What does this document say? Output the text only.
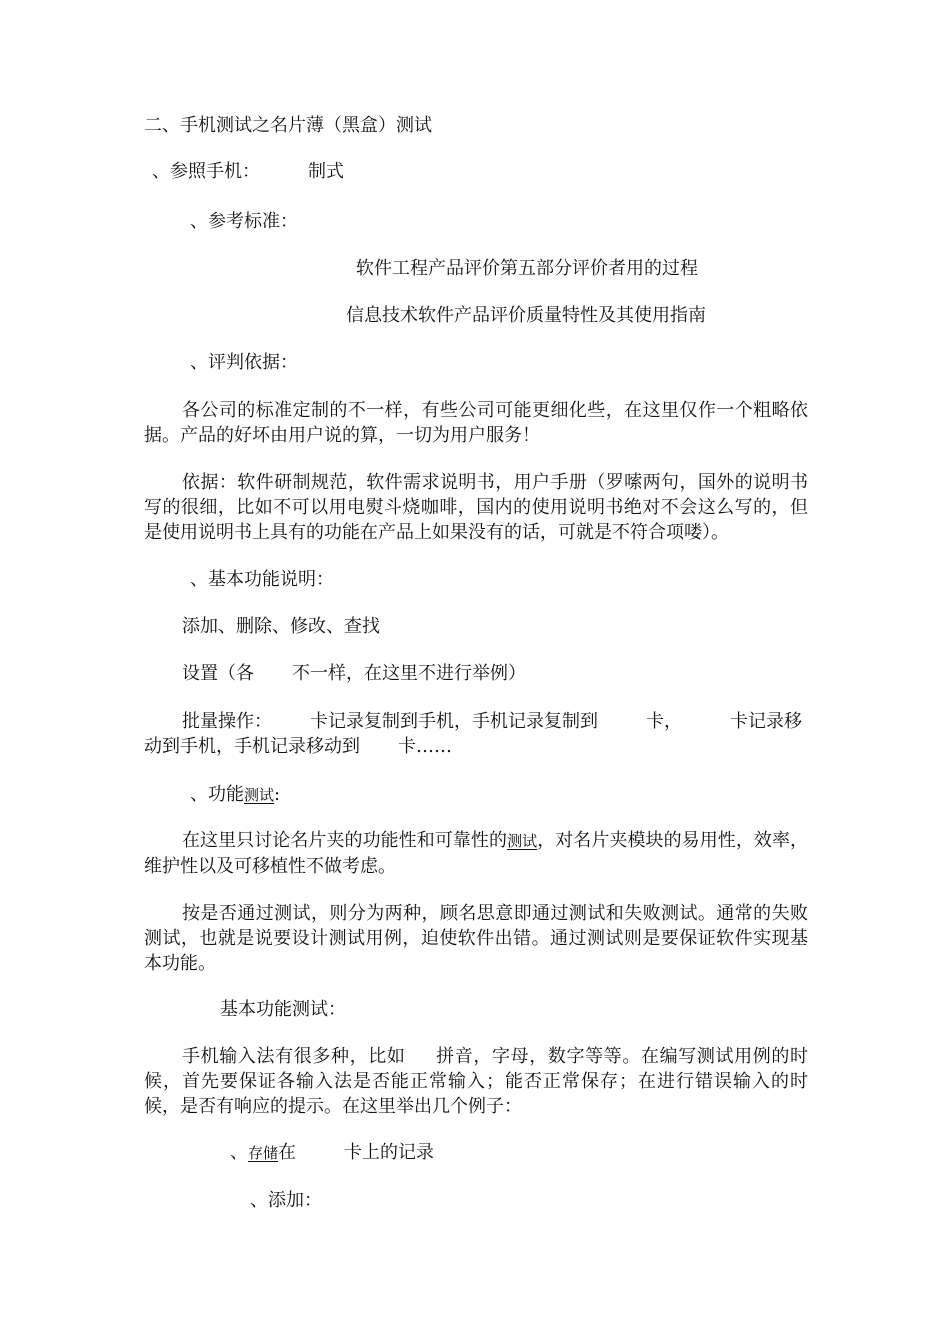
二、手机测试之名片薄（黑盒）测试
、参照手机：	制式
、参考标准：
软件工程产品评价第五部分评价者用的过程
信息技术软件产品评价质量特性及其使用指南
、评判依据：
各公司的标准定制的不一样，有些公司可能更细化些，在这里仅作一个粗略依据。产品的好坏由用户说的算，一切为用户服务！
依据：软件研制规范，软件需求说明书，用户手册（罗嗦两句，国外的说明书写的很细，比如不可以用电熨斗烧咖啡，国内的使用说明书绝对不会这么写的，但是使用说明书上具有的功能在产品上如果没有的话，可就是不符合项喽）。
、基本功能说明：
添加、删除、修改、查找
设置（各 不一样，在这里不进行举例）
批量操作： 卡记录复制到手机，手机记录复制到	卡，	卡记录移
动到手机，手机记录移动到 卡……
、功能测试:
在这里只讨论名片夹的功能性和可靠性的测试，对名片夹模块的易用性，效率，维护性以及可移植性不做考虑。
按是否通过测试，则分为两种，顾名思意即通过测试和失败测试。通常的失败测试，也就是说要设计测试用例，迫使软件出错。通过测试则是要保证软件实现基本功能。
基本功能测试：
手机输入法有很多种，比如 拼音，字母，数字等等。在编写测试用例的时候，首先要保证各输入法是否能正常输入；能否正常保存；在进行错误输入的时候，是否有响应的提示。在这里举出几个例子：
、存储在	卡上的记录
、添加：
